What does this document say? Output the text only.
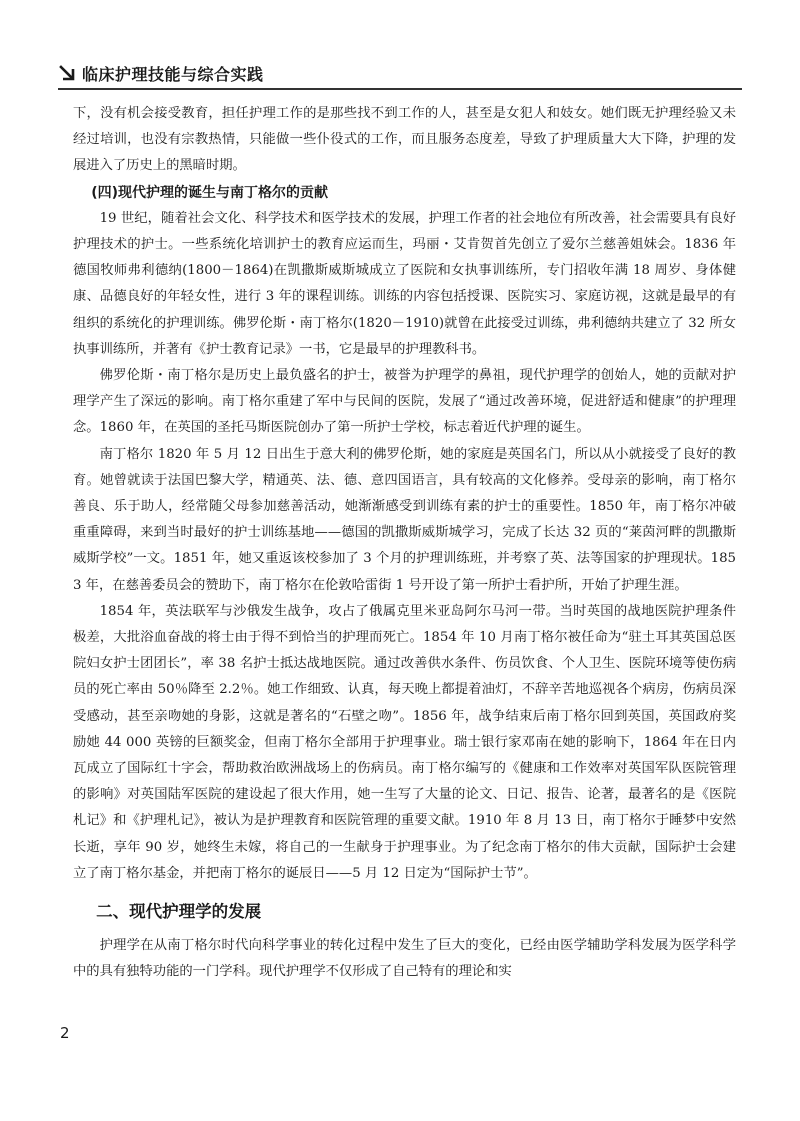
临床护理技能与综合实践

下，没有机会接受教育，担任护理工作的是那些找不到工作的人，甚至是女犯人和妓女。她们既无护理经验又未经过培训，也没有宗教热情，只能做一些仆役式的工作，而且服务态度差，导致了护理质量大大下降，护理的发展进入了历史上的黑暗时期。

(四)现代护理的诞生与南丁格尔的贡献

19 世纪，随着社会文化、科学技术和医学技术的发展，护理工作者的社会地位有所改善，社会需要具有良好护理技术的护士。一些系统化培训护士的教育应运而生，玛丽・艾肯贺首先创立了爱尔兰慈善姐妹会。1836 年德国牧师弗利德纳(1800－1864)在凯撒斯威斯城成立了医院和女执事训练所，专门招收年满 18 周岁、身体健康、品德良好的年轻女性，进行 3 年的课程训练。训练的内容包括授课、医院实习、家庭访视，这就是最早的有组织的系统化的护理训练。佛罗伦斯・南丁格尔(1820－1910)就曾在此接受过训练，弗利德纳共建立了 32 所女执事训练所，并著有《护士教育记录》一书，它是最早的护理教科书。

佛罗伦斯・南丁格尔是历史上最负盛名的护士，被誉为护理学的鼻祖，现代护理学的创始人，她的贡献对护理学产生了深远的影响。南丁格尔重建了军中与民间的医院，发展了“通过改善环境，促进舒适和健康”的护理理念。1860 年，在英国的圣托马斯医院创办了第一所护士学校，标志着近代护理的诞生。

南丁格尔 1820 年 5 月 12 日出生于意大利的佛罗伦斯，她的家庭是英国名门，所以从小就接受了良好的教育。她曾就读于法国巴黎大学，精通英、法、德、意四国语言，具有较高的文化修养。受母亲的影响，南丁格尔善良、乐于助人，经常随父母参加慈善活动，她渐渐感受到训练有素的护士的重要性。1850 年，南丁格尔冲破重重障碍，来到当时最好的护士训练基地——德国的凯撒斯威斯城学习，完成了长达 32 页的“莱茵河畔的凯撒斯威斯学校”一文。1851 年，她又重返该校参加了 3 个月的护理训练班，并考察了英、法等国家的护理现状。1853 年，在慈善委员会的赞助下，南丁格尔在伦敦哈雷街 1 号开设了第一所护士看护所，开始了护理生涯。

1854 年，英法联军与沙俄发生战争，攻占了俄属克里米亚岛阿尔马河一带。当时英国的战地医院护理条件极差，大批浴血奋战的将士由于得不到恰当的护理而死亡。1854 年 10 月南丁格尔被任命为“驻土耳其英国总医院妇女护士团团长”，率 38 名护士抵达战地医院。通过改善供水条件、伤员饮食、个人卫生、医院环境等使伤病员的死亡率由 50％降至 2.2％。她工作细致、认真，每天晚上都提着油灯，不辞辛苦地巡视各个病房，伤病员深受感动，甚至亲吻她的身影，这就是著名的“石壁之吻”。1856 年，战争结束后南丁格尔回到英国，英国政府奖励她 44 000 英镑的巨额奖金，但南丁格尔全部用于护理事业。瑞士银行家邓南在她的影响下，1864 年在日内瓦成立了国际红十字会，帮助救治欧洲战场上的伤病员。南丁格尔编写的《健康和工作效率对英国军队医院管理的影响》对英国陆军医院的建设起了很大作用，她一生写了大量的论文、日记、报告、论著，最著名的是《医院札记》和《护理札记》，被认为是护理教育和医院管理的重要文献。1910 年 8 月 13 日，南丁格尔于睡梦中安然长逝，享年 90 岁，她终生未嫁，将自己的一生献身于护理事业。为了纪念南丁格尔的伟大贡献，国际护士会建立了南丁格尔基金，并把南丁格尔的诞辰日——5 月 12 日定为“国际护士节”。

二、现代护理学的发展

护理学在从南丁格尔时代向科学事业的转化过程中发生了巨大的变化，已经由医学辅助学科发展为医学科学中的具有独特功能的一门学科。现代护理学不仅形成了自己特有的理论和实

2
